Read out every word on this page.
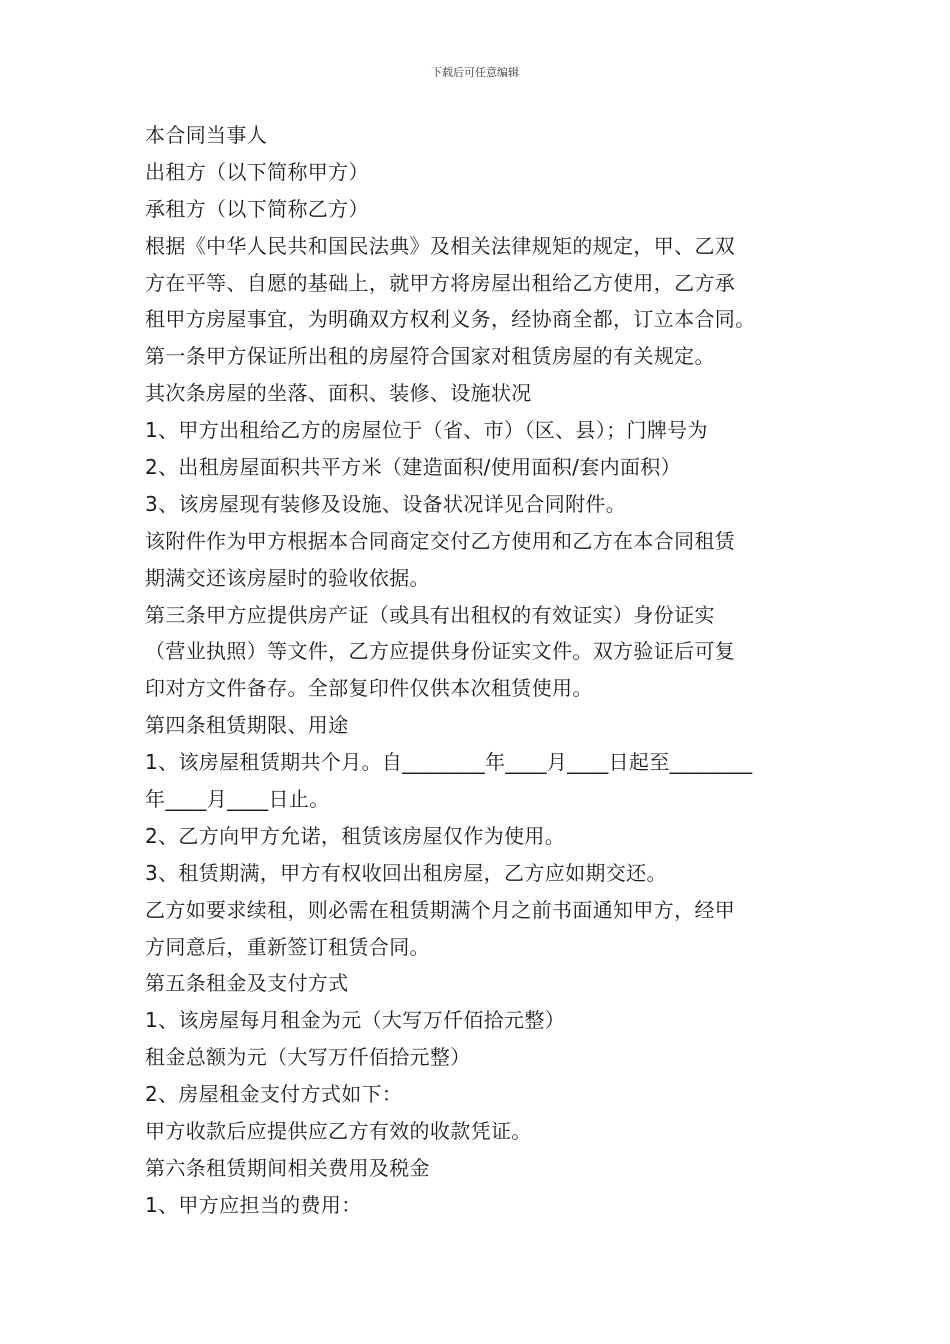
下载后可任意编辑
本合同当事人
出租方（以下简称甲方）
承租方（以下简称乙方）
根据《中华人民共和国民法典》及相关法律规矩的规定，甲、乙双
方在平等、自愿的基础上，就甲方将房屋出租给乙方使用，乙方承
租甲方房屋事宜，为明确双方权利义务，经协商全都，订立本合同。
第一条甲方保证所出租的房屋符合国家对租赁房屋的有关规定。
其次条房屋的坐落、面积、装修、设施状况
1、甲方出租给乙方的房屋位于（省、市）（区、县）；门牌号为
2、出租房屋面积共平方米（建造面积/使用面积/套内面积）
3、该房屋现有装修及设施、设备状况详见合同附件。
该附件作为甲方根据本合同商定交付乙方使用和乙方在本合同租赁
期满交还该房屋时的验收依据。
第三条甲方应提供房产证（或具有出租权的有效证实）身份证实
（营业执照）等文件，乙方应提供身份证实文件。双方验证后可复
印对方文件备存。全部复印件仅供本次租赁使用。
第四条租赁期限、用途
1、该房屋租赁期共个月。自________年____月____日起至________
年____月____日止。
2、乙方向甲方允诺，租赁该房屋仅作为使用。
3、租赁期满，甲方有权收回出租房屋，乙方应如期交还。
乙方如要求续租，则必需在租赁期满个月之前书面通知甲方，经甲
方同意后，重新签订租赁合同。
第五条租金及支付方式
1、该房屋每月租金为元（大写万仟佰拾元整）
租金总额为元（大写万仟佰拾元整）
2、房屋租金支付方式如下：
甲方收款后应提供应乙方有效的收款凭证。
第六条租赁期间相关费用及税金
1、甲方应担当的费用：
